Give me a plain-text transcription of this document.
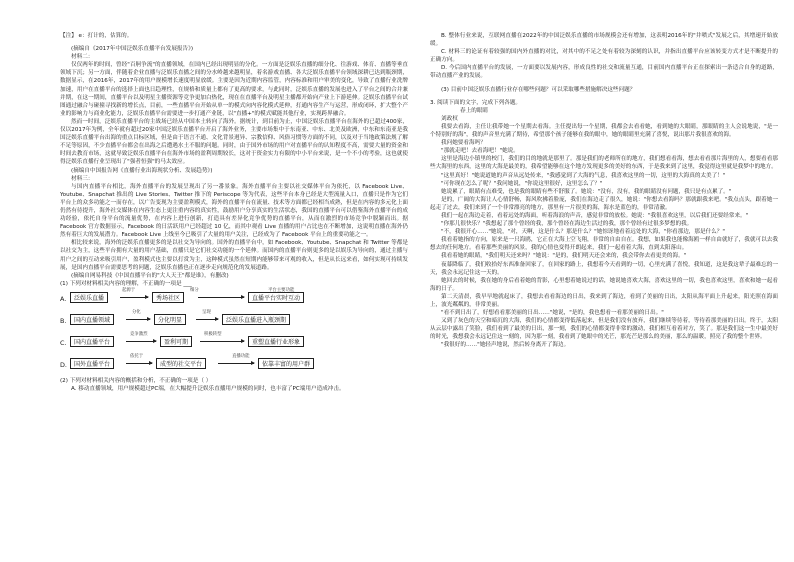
【注】 e：打计的，估算的。

(摘编自《2017年中国泛娱乐直播平台发展报告》)

材料二：

仅仅两年的时间，曾经"百舸争流"的直播领域，在国内已经出现明显的分化。一方面是泛娱乐直播的细分化、往游戏、体育、直播等垂直领域下沉；另一方面，伴随着企业直播与泛娱乐直播之间的分水岭越来越明显，着名游戏直播、各大泛娱乐直播平台领域深耕已达到瓶颈期，数据显示，在2016年，2017年的用户规模增长速度明显放缓。主要是因为近期内容监管，内容标准和用户审美的变化，导致了直播行业洗牌加速，用户在直播平台的选择上面也日趋理性，在规格和质量上都有了更高的要求，与此同时，泛娱乐直播的发展也进入了平台之间的合并兼并期，在这一期间，直播平台以及明星主播资源等竞争更加白热化，现在在直播平台及明星主播都开始向产业上下游延伸。泛娱乐直播平台试图通过融合与碰撞寻找新的增长点，目前，一些直播平台开始从单一的模式向内容化模式延伸，打通内容生产与运营，形成闭环，扩大整个产业的影响力与商业化能力，泛娱乐直播平台需要进一步打通产业链，以"直播+"的模式赋能其他行业，实现跨界融合。

然而一时间，泛娱乐直播平台的主战场已经从中国本土转向了海外。据统计，到目前为止，中国泛娱乐直播平台在海外的已超过400家，仅以2017年为例，全年就有超过20家中国泛娱乐直播平台开启了海外业务，主要市场集中于东南亚、中东、北美及欧洲，中东和东南亚是我国泛娱乐直播平台出海的重点目标区域，但是由于语言不通、文化背景迥异、宗教信仰、风俗习惯等方面的不同，以及对于当地政策法规了解不足等原因，不少直播平台都会在出海之后遭遇水土不服的问题。同时，由于国外市场的用户对直播平台的认知程度不高，需要大量的资金和时间去教育市场，这就导致泛娱乐直播平台在海外市场的盈利周期较长，这对于资金实力有限的中小平台来说，是一个不小的考验，这也就使得泛娱乐直播行业呈现出了"强者恒强"的马太效应。

(摘编自中国报告网《直播行业出海现状分析、发展趋势》)

材料三：

与国内直播平台相比，海外直播平台的发展呈现出了另一番景象。海外直播平台主要以社交媒体平台为依托，以 Facebook Live、Youtube、Snapchat 推出的 Live Stories、Twitter 推下的 Periscope 等为代表，这些平台本身已经是大型流量入口，直播只是作为它们平台上的众多功能之一而存在，以广告变现为主要盈利模式，海外的直播平台在流量、技术等方面都已经相当成熟，但是在内容的多元化上面仍然有待提升，海外社交媒体在内容生态上更注重内容的真实性，鼓励用户分享真实的生活状态，我国的直播平台可以借鉴海外直播平台的成功经验，依托自身平台的流量优势，在内容上进行创新，打造具有差异化竞争优势的直播平台，从而在激烈的市场竞争中脱颖而出。据 Facebook 官方数据显示，Facebook 的日活跃用户已经超过 10 亿，而其中观看 Live 直播的用户占比也在不断增加，这说明直播在海外仍然有着巨大的发展潜力。Facebook Live 上线至今已吸引了大量的用户关注，已经成为了 Facebook 平台上的重要功能之一。

相比较来说，海外的泛娱乐直播更多的是以社交为导向的。国外的直播平台中，如 Facebook、Youtube、Snapchat 和 Twitter 等都是以社交为主，这些平台拥有大量的用户基础，直播只是它们社交功能的一个延伸。而国内的直播平台则更多的是以娱乐为导向的，通过主播与用户之间的互动来吸引用户，盈利模式也主要以打赏为主，这种模式虽然在短期内能够带来可观的收入，但是从长远来看，如何实现可持续发展，是国内直播平台需要思考的问题，泛娱乐直播也正在逐步走向规范化的发展道路。

(摘编自网易科技《中国直播平台的"大人天王"都是谁》，有删改)

(1) 下列对材料相关内容的理解，不正确的一项是 ___

A.
起源于	细分	平台主要功能
泛娱乐直播	秀场社区	直播平台实时互动
B.
分化	呈现
国内直播领域	分化明显	泛娱乐直播进入瓶颈期
C.
竞争激烈	积极转型
国内直播平台	盈利可期	重塑直播行业形象
D.
依托于	直播功能
国外直播平台	成型的社交平台	依靠丰富的用户群

(2) 下列对材料相关内容的概括和分析，不正确的一项是（ ）

A. 移动直播领域，用户规模超过PC端，在大幅提升泛娱乐直播用户规模的同时，也丰富了PC端用户造成冲击。

B. 整体行业来说，互联网直播在2022年的中国泛娱乐直播的市场规模会还有增加，这表明2016年的"井喷式"发展之后，其增速开始放缓。

C. 材料三的论证有着较强的国内外直播的对比，对其中的不足之处有着较为深刻的认识，并指出直播平台应该转变方式才是不断提升的正确方向。

D. 今后国内直播平台的发展，一方面要以发展内容，形成良性的社交和流量互通，目前国内直播平台正在探索出一条适合自身的道路，带动直播产业的发展。

(3) 目前中国泛娱乐直播行业存在哪些问题？可以采取哪些措施解决这些问题？

3. 阅读下面的文字，完成下列各题。

春上的眼睛

刘政权

我要去看海，主任让我带她一个星期去看海。主任提出每一个星期，我都会去看看她，看到她的大眼睛，那眼睛的主人会说地说，"是一个特别好的海"，我的声音里充满了期待，希望那个孩子能够在我的眼中，她的眼睛里充满了喜悦，说出那片我很喜欢的海。

我问她要看海吗？

"那就走吧！去看海吧！"她说。

这里是海边小镇里的校门，我们的目的地就是那里了。那是我们的老师所在的地方，我们想看看海，想去看看那片海里的人，想要看看那些大海里的东西，这里的大海是最美的，我希望能够在这个地方发现更多的美好的东西，于是我来到了这里，我觉得这里就是我梦中的地方。

"这里真好！"她说道她的声音从远处传来，"我感觉到了大海的气息，我喜欢这里的一切，这里的大海真的太美了！"

"可你现在怎么了呢？"我问她说，"你说这里很好，这里怎么了？"

她说累了，眼睛有点难受，也是我的眼睛有些不舒服了。她说："没有，没有，我的眼睛没有问题，我只是有点累了。"

是的，广阔的大海让人心情舒畅，海风吹拂着脸庞，我们在海边走了很久，她说："你想去看海吗？那就跟我来吧。"我点点头，跟着她一起走了过去，我们来到了一个非常漂亮的地方，那里有一片很美的海，海水是蓝色的，非常清澈。

我们一起在海边走着，看着远处的海面，听着海浪的声音，感觉非常的放松。她说："我很喜欢这里，以后我们还要经常来。"

"你那儿很快乐？"我想起了那个曾经的我，那个曾经在海边生活过的我，那个曾经有过很多梦想的我。

"不，我很开心……"她说，"对，天啊，这是什么？那是什么？"她惊讶地看着远处的大海，"你看那边，那是什么？"

我看着她指的方向，原来是一只海鸥，它正在大海上空飞翔，非常的自由自在。我想，如果我也能像海鸥一样自由就好了，我就可以去我想去的任何地方。看着那些美丽的风景，我的心情也变得开朗起来，我们一起看着大海，直到太阳落山。

我看着她的眼睛，"我们明天还来吗？"她说："是的，我们明天还会来的，我会带你去看更美的海。"

夜幕降临了，我们收拾好东西准备回家了，在回家的路上，我想着今天看到的一切，心里充满了喜悦，我知道，这是我这辈子最难忘的一天，我会永远记住这一天的。

她回去的时候，我在她的身后看着她的背影，心里想着她说过的话，她说她喜欢大海，喜欢这里的一切，我也喜欢这里，喜欢和她一起看海的日子。

第二天清晨，我早早地就起床了，我想去看看海边的日出，我来到了海边，看到了美丽的日出，太阳从海平面上升起来，阳光照在海面上，波光粼粼的，非常美丽。

"看不到日出了，好想看看那美丽的日出……"她说，"是的，我也想看一看那美丽的日出。"

又到了灰色的天空和暗沉的大海，我们的心情都变得低落起来，但是我们没有放弃，我们继续等待着，等待着那美丽的日出。终于，太阳从云层中露出了笑脸，我们看到了最美的日出，那一刻，我们的心情都变得非常的激动，我们相互看着对方，笑了。那是我们这一生中最美好的时光，我想我会永远记住这一刻的，因为那一刻，我看到了她眼中的光芒，那光芒是那么的美丽，那么的温暖，照亮了我的整个世界。

"我很好的……"她轻声地说，然后转身离开了海边。
